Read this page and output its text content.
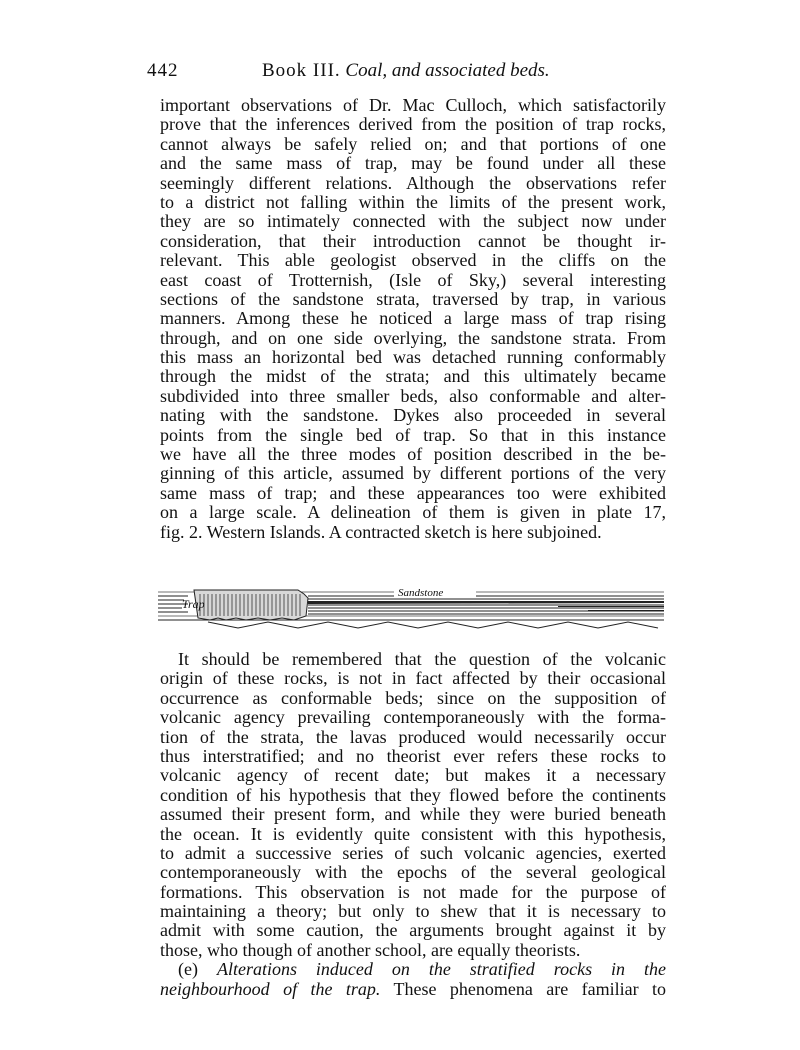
442	Book III. Coal, and associated beds.
important observations of Dr. Mac Culloch, which satisfactorily
prove that the inferences derived from the position of trap rocks,
cannot always be safely relied on; and that portions of one
and the same mass of trap, may be found under all these
seemingly different relations. Although the observations refer
to a district not falling within the limits of the present work,
they are so intimately connected with the subject now under
consideration, that their introduction cannot be thought ir-
relevant. This able geologist observed in the cliffs on the
east coast of Trotternish, (Isle of Sky,) several interesting
sections of the sandstone strata, traversed by trap, in various
manners. Among these he noticed a large mass of trap rising
through, and on one side overlying, the sandstone strata. From
this mass an horizontal bed was detached running conformably
through the midst of the strata; and this ultimately became
subdivided into three smaller beds, also conformable and alter-
nating with the sandstone. Dykes also proceeded in several
points from the single bed of trap. So that in this instance
we have all the three modes of position described in the be-
ginning of this article, assumed by different portions of the very
same mass of trap; and these appearances too were exhibited
on a large scale. A delineation of them is given in plate 17,
fig. 2. Western Islands. A contracted sketch is here subjoined.
Trap
Sandstone
It should be remembered that the question of the volcanic
origin of these rocks, is not in fact affected by their occasional
occurrence as conformable beds; since on the supposition of
volcanic agency prevailing contemporaneously with the forma-
tion of the strata, the lavas produced would necessarily occur
thus interstratified; and no theorist ever refers these rocks to
volcanic agency of recent date; but makes it a necessary
condition of his hypothesis that they flowed before the continents
assumed their present form, and while they were buried beneath
the ocean. It is evidently quite consistent with this hypothesis,
to admit a successive series of such volcanic agencies, exerted
contemporaneously with the epochs of the several geological
formations. This observation is not made for the purpose of
maintaining a theory; but only to shew that it is necessary to
admit with some caution, the arguments brought against it by
those, who though of another school, are equally theorists.
(e) Alterations induced on the stratified rocks in the
neighbourhood of the trap. These phenomena are familiar to
